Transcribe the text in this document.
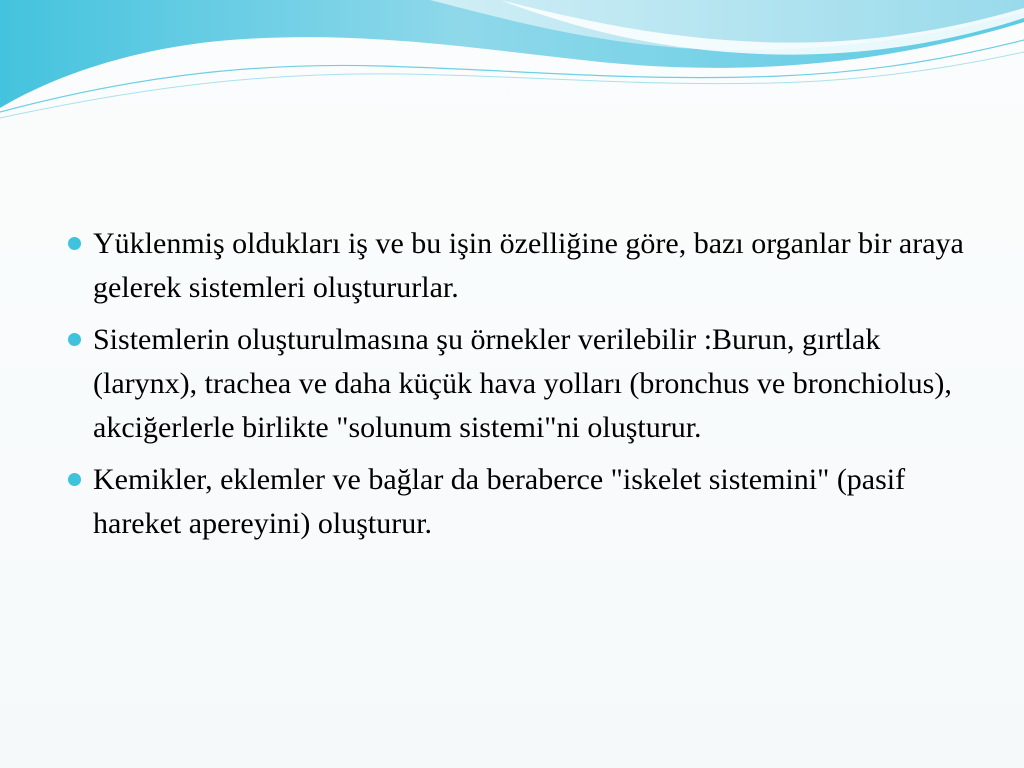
Yüklenmiş oldukları iş ve bu işin özelliğine göre, bazı organlar bir araya gelerek sistemleri oluştururlar.
Sistemlerin oluşturulmasına şu örnekler verilebilir :Burun, gırtlak (larynx), trachea ve daha küçük hava yolları (bronchus ve bronchiolus), akciğerlerle birlikte "solunum sistemi"ni oluşturur.
Kemikler, eklemler ve bağlar da beraberce "iskelet sistemini" (pasif hareket apereyini) oluşturur.
